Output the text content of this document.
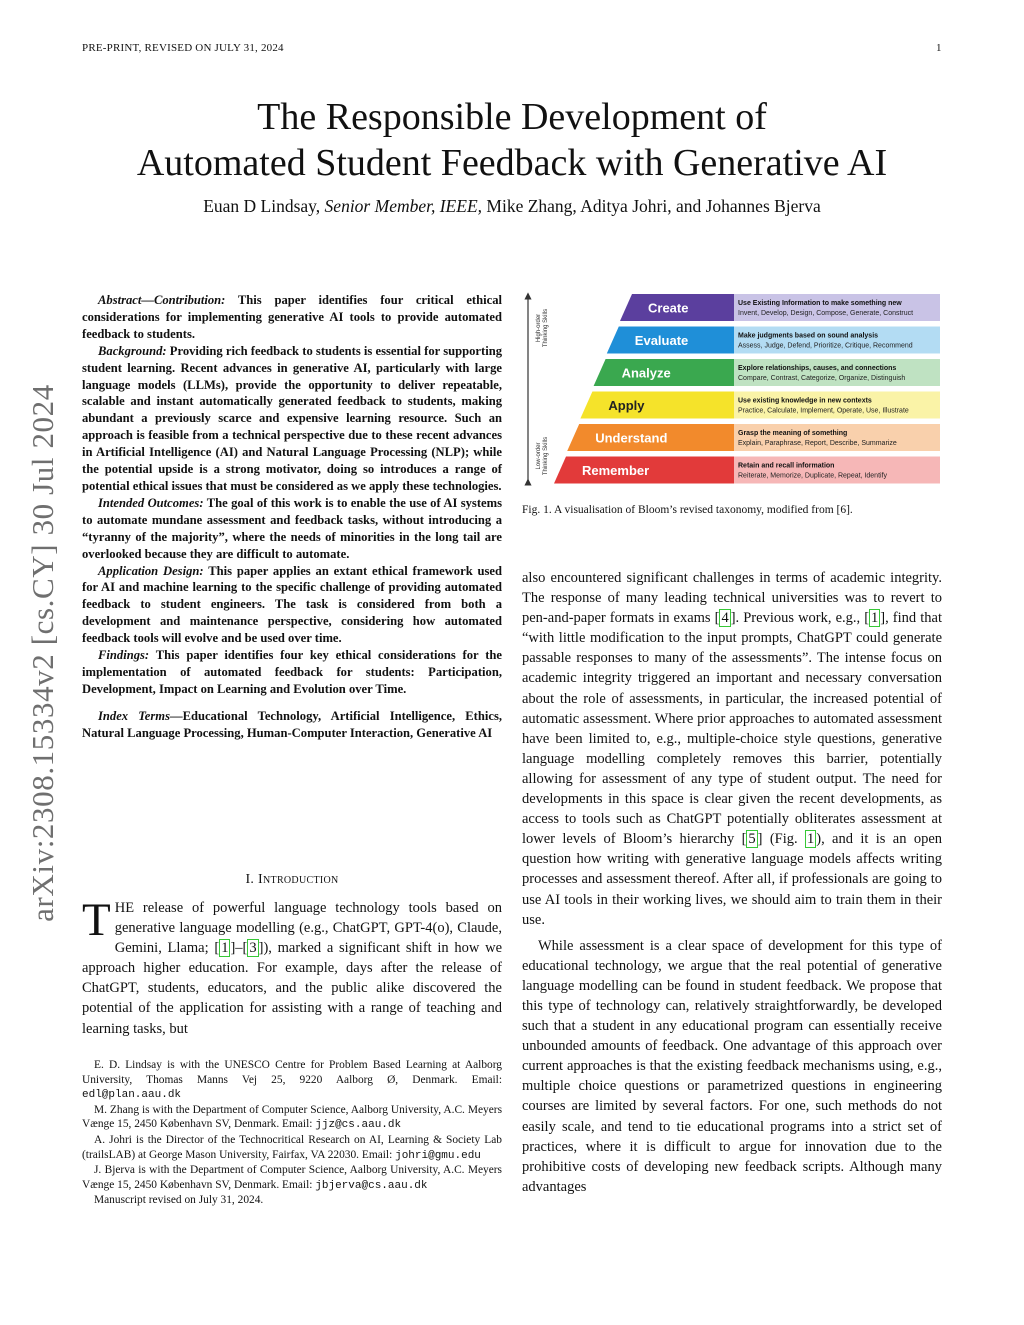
PRE-PRINT, REVISED ON JULY 31, 2024	1
The Responsible Development of
Automated Student Feedback with Generative AI
Euan D Lindsay, Senior Member, IEEE, Mike Zhang, Aditya Johri, and Johannes Bjerva
arXiv:2308.15334v2 [cs.CY] 30 Jul 2024

Abstract—Contribution: This paper identifies four critical ethical considerations for implementing generative AI tools to provide automated feedback to students.

Background: Providing rich feedback to students is essential for supporting student learning. Recent advances in generative AI, particularly with large language models (LLMs), provide the opportunity to deliver repeatable, scalable and instant automatically generated feedback to students, making abundant a previously scarce and expensive learning resource. Such an approach is feasible from a technical perspective due to these recent advances in Artificial Intelligence (AI) and Natural Language Processing (NLP); while the potential upside is a strong motivator, doing so introduces a range of potential ethical issues that must be considered as we apply these technologies.

Intended Outcomes: The goal of this work is to enable the use of AI systems to automate mundane assessment and feedback tasks, without introducing a “tyranny of the majority”, where the needs of minorities in the long tail are overlooked because they are difficult to automate.

Application Design: This paper applies an extant ethical framework used for AI and machine learning to the specific challenge of providing automated feedback to student engineers. The task is considered from both a development and maintenance perspective, considering how automated feedback tools will evolve and be used over time.

Findings: This paper identifies four key ethical considerations for the implementation of automated feedback for students: Participation, Development, Impact on Learning and Evolution over Time.

Index Terms—Educational Technology, Artificial Intelligence, Ethics, Natural Language Processing, Human-Computer Interaction, Generative AI

I. Introduction

THE release of powerful language technology tools based on generative language modelling (e.g., ChatGPT, GPT-4(o), Claude, Gemini, Llama; [ 1 ]–[ 3 ]), marked a significant shift in how we approach higher education. For example, days after the release of ChatGPT, students, educators, and the public alike discovered the potential of the application for assisting with a range of teaching and learning tasks, but

E. D. Lindsay is with the UNESCO Centre for Problem Based Learning at Aalborg University, Thomas Manns Vej 25, 9220 Aalborg Ø, Denmark. Email: edl@plan.aau.dk

M. Zhang is with the Department of Computer Science, Aalborg University, A.C. Meyers Vænge 15, 2450 København SV, Denmark. Email: jjz@cs.aau.dk

A. Johri is the Director of the Technocritical Research on AI, Learning & Society Lab (trailsLAB) at George Mason University, Fairfax, VA 22030. Email: johri@gmu.edu

J. Bjerva is with the Department of Computer Science, Aalborg University, A.C. Meyers Vænge 15, 2450 København SV, Denmark. Email: jbjerva@cs.aau.dk

Manuscript revised on July 31, 2024.

High-order Thinking Skills
Low-order Thinking Skills
Create	Use Existing Information to make something new
Invent, Develop, Design, Compose, Generate, Construct
Evaluate	Make judgments based on sound analysis
Assess, Judge, Defend, Prioritize, Critique, Recommend
Analyze	Explore relationships, causes, and connections
Compare, Contrast, Categorize, Organize, Distinguish
Apply	Use existing knowledge in new contexts
Practice, Calculate, Implement, Operate, Use, Illustrate
Understand	Grasp the meaning of something
Explain, Paraphrase, Report, Describe, Summarize
Remember	Retain and recall information
Reiterate, Memorize, Duplicate, Repeat, Identify
Fig. 1. A visualisation of Bloom’s revised taxonomy, modified from [6].

also encountered significant challenges in terms of academic integrity. The response of many leading technical universities was to revert to pen-and-paper formats in exams [ 4 ]. Previous work, e.g., [ 1 ], find that “with little modification to the input prompts, ChatGPT could generate passable responses to many of the assessments”. The intense focus on academic integrity triggered an important and necessary conversation about the role of assessments, in particular, the increased potential of automatic assessment. Where prior approaches to automated assessment have been limited to, e.g., multiple-choice style questions, generative language modelling completely removes this barrier, potentially allowing for assessment of any type of student output. The need for developments in this space is clear given the recent developments, as access to tools such as ChatGPT potentially obliterates assessment at lower levels of Bloom’s hierarchy [ 5 ] (Fig. 1 ), and it is an open question how writing with generative language models affects writing processes and assessment thereof. After all, if professionals are going to use AI tools in their working lives, we should aim to train them in their use.

While assessment is a clear space of development for this type of educational technology, we argue that the real potential of generative language modelling can be found in student feedback. We propose that this type of technology can, relatively straightforwardly, be developed such that a student in any educational program can essentially receive unbounded amounts of feedback. One advantage of this approach over current approaches is that the existing feedback mechanisms using, e.g., multiple choice questions or parametrized questions in engineering courses are limited by several factors. For one, such methods do not easily scale, and tend to tie educational programs into a strict set of practices, where it is difficult to argue for innovation due to the prohibitive costs of developing new feedback scripts. Although many advantages
